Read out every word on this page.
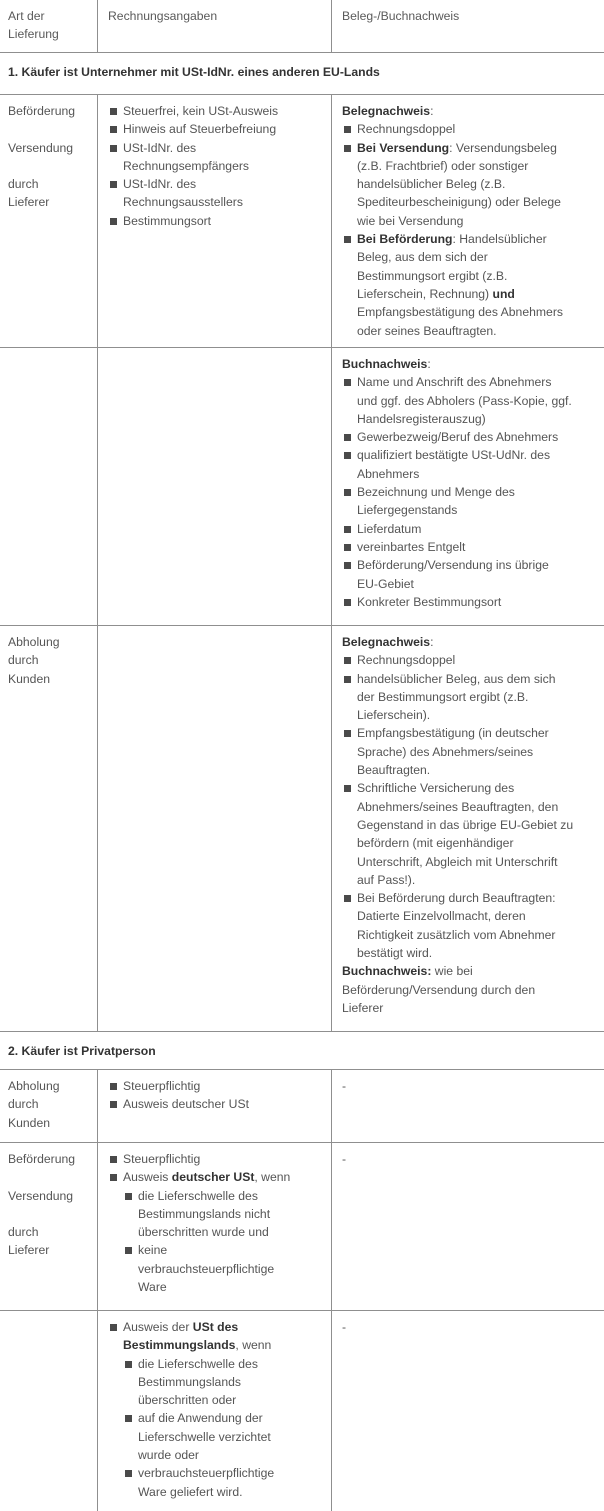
Art der
Lieferung
Rechnungsangaben	Beleg-/Buchnachweis
1. Käufer ist Unternehmer mit USt-IdNr. eines anderen EU-Lands
Beförderung
Versendung
durch
Lieferer
Steuerfrei, kein USt-Ausweis
Hinweis auf Steuerbefreiung
USt-IdNr. des
Rechnungsempfängers
USt-IdNr. des
Rechnungsausstellers
Bestimmungsort
Belegnachweis:
Rechnungsdoppel
Bei Versendung: Versendungsbeleg
(z.B. Frachtbrief) oder sonstiger
handelsüblicher Beleg (z.B.
Spediteurbescheinigung) oder Belege
wie bei Versendung
Bei Beförderung: Handelsüblicher
Beleg, aus dem sich der
Bestimmungsort ergibt (z.B.
Lieferschein, Rechnung) und
Empfangsbestätigung des Abnehmers
oder seines Beauftragten.
Buchnachweis:
Name und Anschrift des Abnehmers
und ggf. des Abholers (Pass-Kopie, ggf.
Handelsregisterauszug)
Gewerbezweig/Beruf des Abnehmers
qualifiziert bestätigte USt-UdNr. des
Abnehmers
Bezeichnung und Menge des
Liefergegenstands
Lieferdatum
vereinbartes Entgelt
Beförderung/Versendung ins übrige
EU-Gebiet
Konkreter Bestimmungsort
Abholung
durch
Kunden
Belegnachweis:
Rechnungsdoppel
handelsüblicher Beleg, aus dem sich
der Bestimmungsort ergibt (z.B.
Lieferschein).
Empfangsbestätigung (in deutscher
Sprache) des Abnehmers/seines
Beauftragten.
Schriftliche Versicherung des
Abnehmers/seines Beauftragten, den
Gegenstand in das übrige EU-Gebiet zu
befördern (mit eigenhändiger
Unterschrift, Abgleich mit Unterschrift
auf Pass!).
Bei Beförderung durch Beauftragten:
Datierte Einzelvollmacht, deren
Richtigkeit zusätzlich vom Abnehmer
bestätigt wird.
Buchnachweis: wie bei
Beförderung/Versendung durch den
Lieferer
2. Käufer ist Privatperson
Abholung
durch
Kunden
Steuerpflichtig
Ausweis deutscher USt
-
Beförderung
Versendung
durch
Lieferer
Steuerpflichtig
Ausweis deutscher USt, wenn
die Lieferschwelle des
Bestimmungslands nicht
überschritten wurde und
keine
verbrauchsteuerpflichtige
Ware
-
Ausweis der USt des
Bestimmungslands, wenn
die Lieferschwelle des
Bestimmungslands
überschritten oder
auf die Anwendung der
Lieferschwelle verzichtet
wurde oder
verbrauchsteuerpflichtige
Ware geliefert wird.
-
